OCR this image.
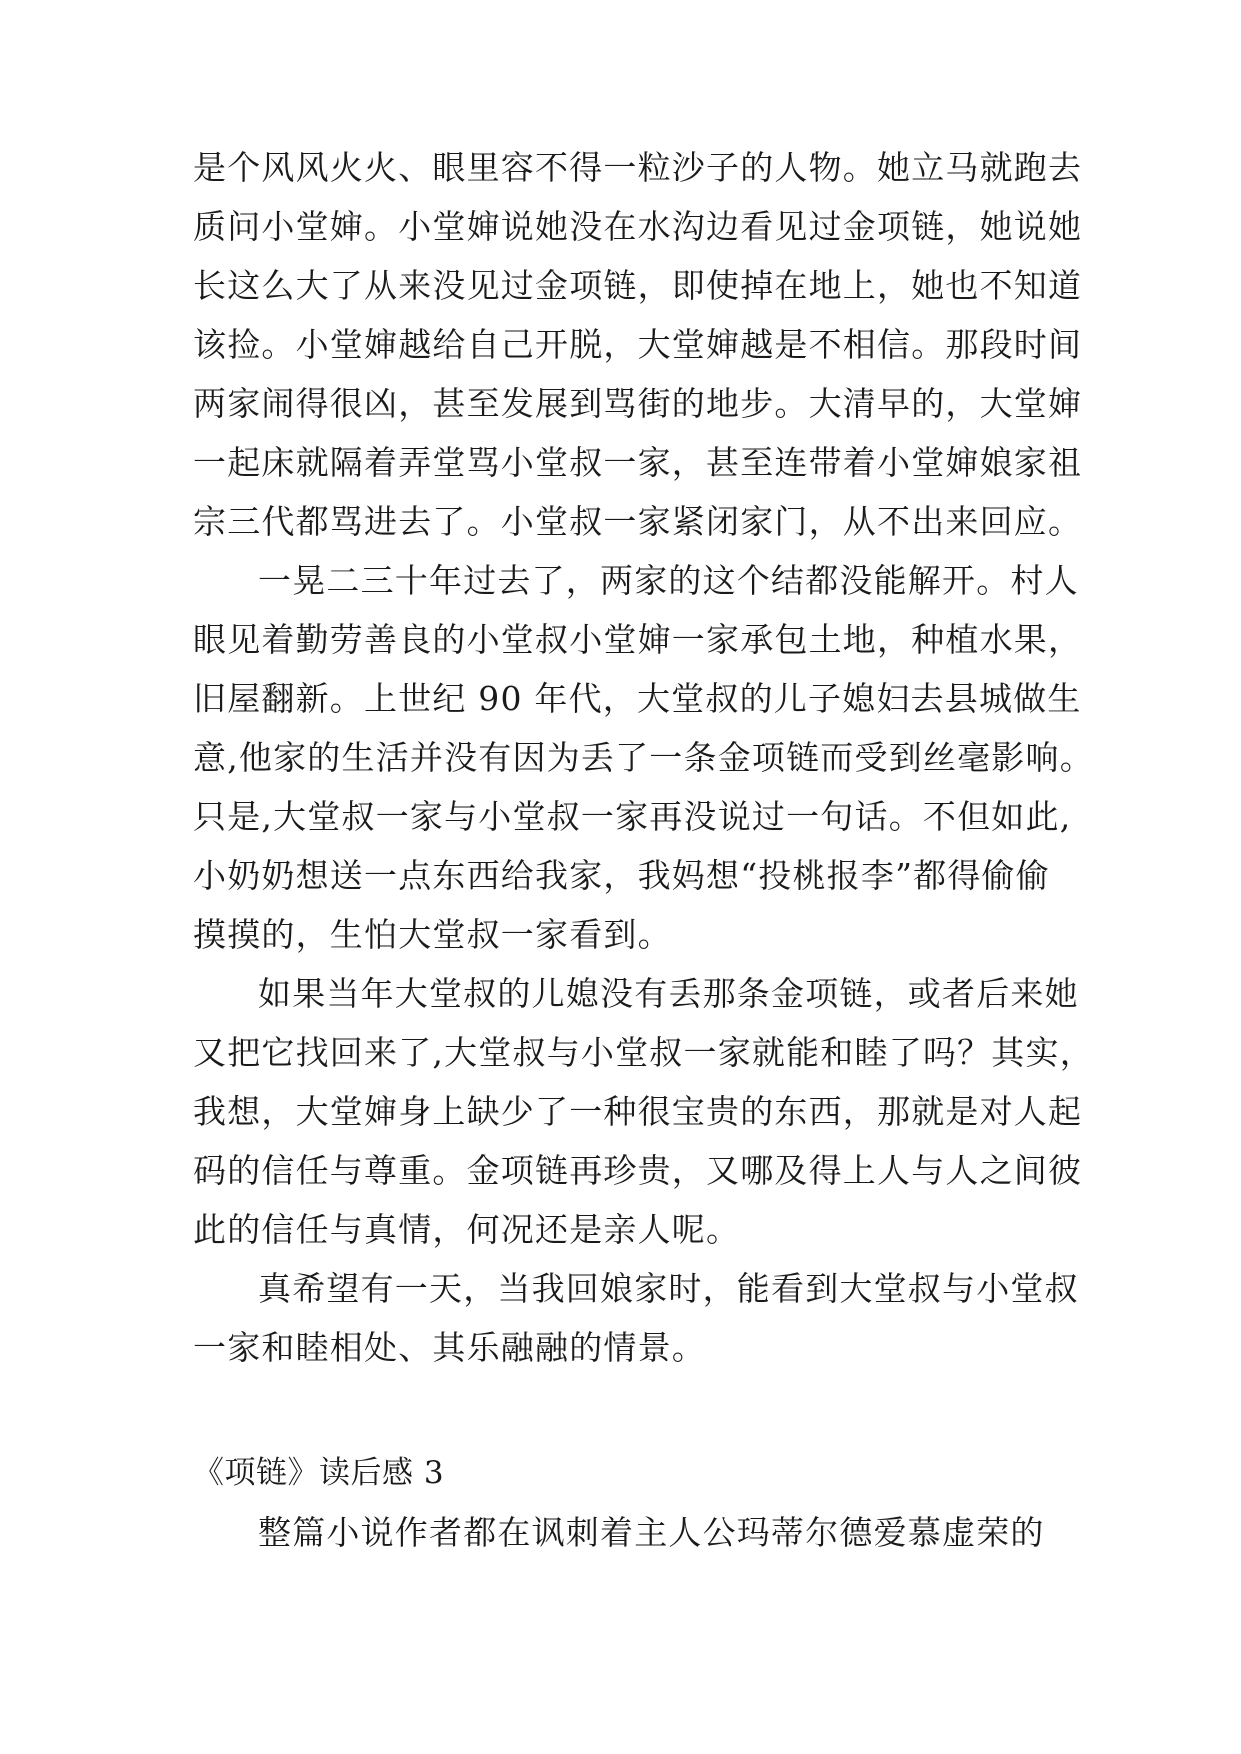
是个风风火火、眼里容不得一粒沙子的人物。她立马就跑去
质问小堂婶。小堂婶说她没在水沟边看见过金项链，她说她
长这么大了从来没见过金项链，即使掉在地上，她也不知道
该捡。小堂婶越给自己开脱，大堂婶越是不相信。那段时间
两家闹得很凶，甚至发展到骂街的地步。大清早的，大堂婶
一起床就隔着弄堂骂小堂叔一家，甚至连带着小堂婶娘家祖
宗三代都骂进去了。小堂叔一家紧闭家门，从不出来回应。
一晃二三十年过去了，两家的这个结都没能解开。村人
眼见着勤劳善良的小堂叔小堂婶一家承包土地，种植水果，
旧屋翻新。上世纪 90 年代，大堂叔的儿子媳妇去县城做生
意,他家的生活并没有因为丢了一条金项链而受到丝毫影响。
只是,大堂叔一家与小堂叔一家再没说过一句话。不但如此,
小奶奶想送一点东西给我家，我妈想“投桃报李”都得偷偷
摸摸的，生怕大堂叔一家看到。
如果当年大堂叔的儿媳没有丢那条金项链，或者后来她
又把它找回来了,大堂叔与小堂叔一家就能和睦了吗？其实，
我想，大堂婶身上缺少了一种很宝贵的东西，那就是对人起
码的信任与尊重。金项链再珍贵，又哪及得上人与人之间彼
此的信任与真情，何况还是亲人呢。
真希望有一天，当我回娘家时，能看到大堂叔与小堂叔
一家和睦相处、其乐融融的情景。
《项链》读后感 3
整篇小说作者都在讽刺着主人公玛蒂尔德爱慕虚荣的
